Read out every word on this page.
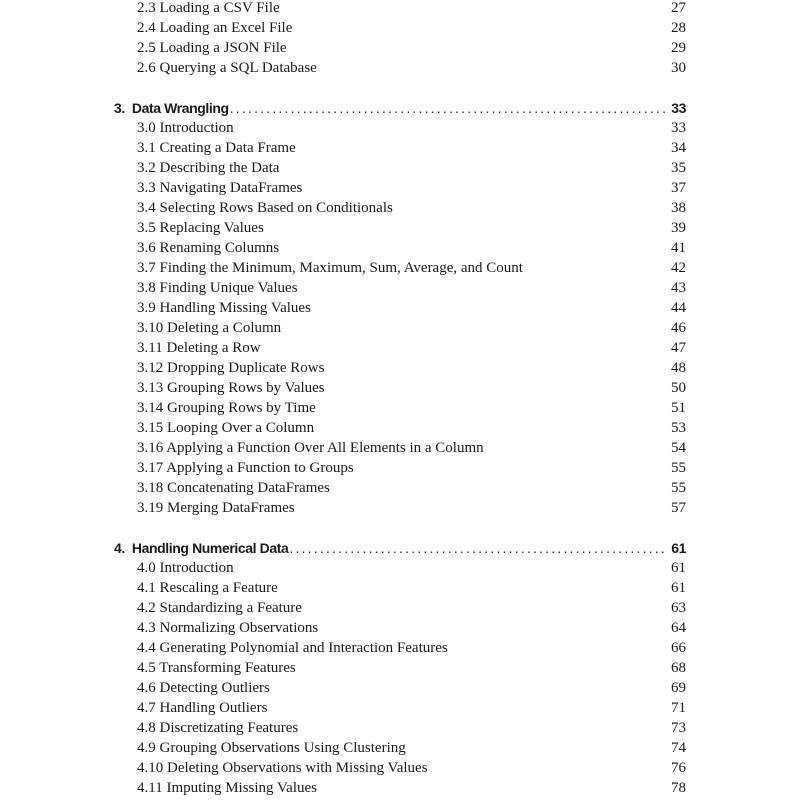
2.3 Loading a CSV File	27
2.4 Loading an Excel File	28
2.5 Loading a JSON File	29
2.6 Querying a SQL Database	30
3. Data Wrangling .....	33
3.0 Introduction	33
3.1 Creating a Data Frame	34
3.2 Describing the Data	35
3.3 Navigating DataFrames	37
3.4 Selecting Rows Based on Conditionals	38
3.5 Replacing Values	39
3.6 Renaming Columns	41
3.7 Finding the Minimum, Maximum, Sum, Average, and Count	42
3.8 Finding Unique Values	43
3.9 Handling Missing Values	44
3.10 Deleting a Column	46
3.11 Deleting a Row	47
3.12 Dropping Duplicate Rows	48
3.13 Grouping Rows by Values	50
3.14 Grouping Rows by Time	51
3.15 Looping Over a Column	53
3.16 Applying a Function Over All Elements in a Column	54
3.17 Applying a Function to Groups	55
3.18 Concatenating DataFrames	55
3.19 Merging DataFrames	57
4. Handling Numerical Data .....	61
4.0 Introduction	61
4.1 Rescaling a Feature	61
4.2 Standardizing a Feature	63
4.3 Normalizing Observations	64
4.4 Generating Polynomial and Interaction Features	66
4.5 Transforming Features	68
4.6 Detecting Outliers	69
4.7 Handling Outliers	71
4.8 Discretizating Features	73
4.9 Grouping Observations Using Clustering	74
4.10 Deleting Observations with Missing Values	76
4.11 Imputing Missing Values	78
